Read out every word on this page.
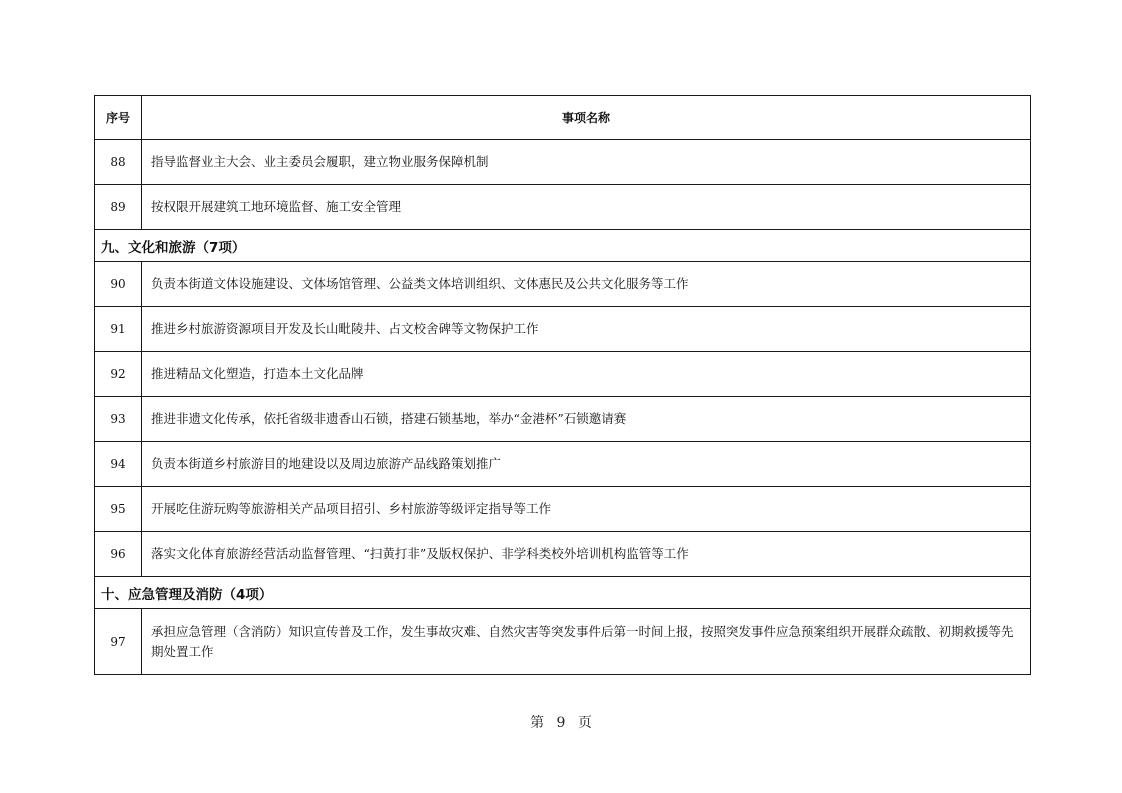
序号	事项名称
88	指导监督业主大会、业主委员会履职，建立物业服务保障机制
89	按权限开展建筑工地环境监督、施工安全管理
九、文化和旅游（7项）	
90	负责本街道文体设施建设、文体场馆管理、公益类文体培训组织、文体惠民及公共文化服务等工作
91	推进乡村旅游资源项目开发及长山毗陵井、占文校舍碑等文物保护工作
92	推进精品文化塑造，打造本土文化品牌
93	推进非遗文化传承，依托省级非遗香山石锁，搭建石锁基地，举办“金港杯”石锁邀请赛
94	负责本街道乡村旅游目的地建设以及周边旅游产品线路策划推广
95	开展吃住游玩购等旅游相关产品项目招引、乡村旅游等级评定指导等工作
96	落实文化体育旅游经营活动监督管理、“扫黄打非”及版权保护、非学科类校外培训机构监管等工作
十、应急管理及消防（4项）	
97	承担应急管理（含消防）知识宣传普及工作，发生事故灾难、自然灾害等突发事件后第一时间上报，按照突发事件应急预案组织开展群众疏散、初期救援等先期处置工作
第 9 页
